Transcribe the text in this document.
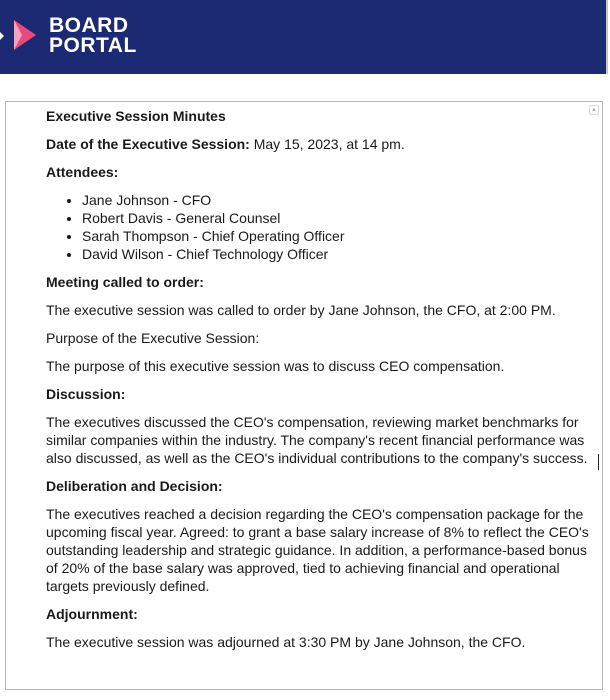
BOARD
PORTAL
▲

Executive Session Minutes

Date of the Executive Session: May 15, 2023, at 14 pm.

Attendees:

• Jane Johnson - CFO
• Robert Davis - General Counsel
• Sarah Thompson - Chief Operating Officer
• David Wilson - Chief Technology Officer

Meeting called to order:

The executive session was called to order by Jane Johnson, the CFO, at 2:00 PM.

Purpose of the Executive Session:

The purpose of this executive session was to discuss CEO compensation.

Discussion:

The executives discussed the CEO's compensation, reviewing market benchmarks for similar companies within the industry. The company's recent financial performance was also discussed, as well as the CEO's individual contributions to the company's success.

Deliberation and Decision:

The executives reached a decision regarding the CEO's compensation package for the upcoming fiscal year. Agreed: to grant a base salary increase of 8% to reflect the CEO's outstanding leadership and strategic guidance. In addition, a performance-based bonus of 20% of the base salary was approved, tied to achieving financial and operational targets previously defined.

Adjournment:

The executive session was adjourned at 3:30 PM by Jane Johnson, the CFO.
